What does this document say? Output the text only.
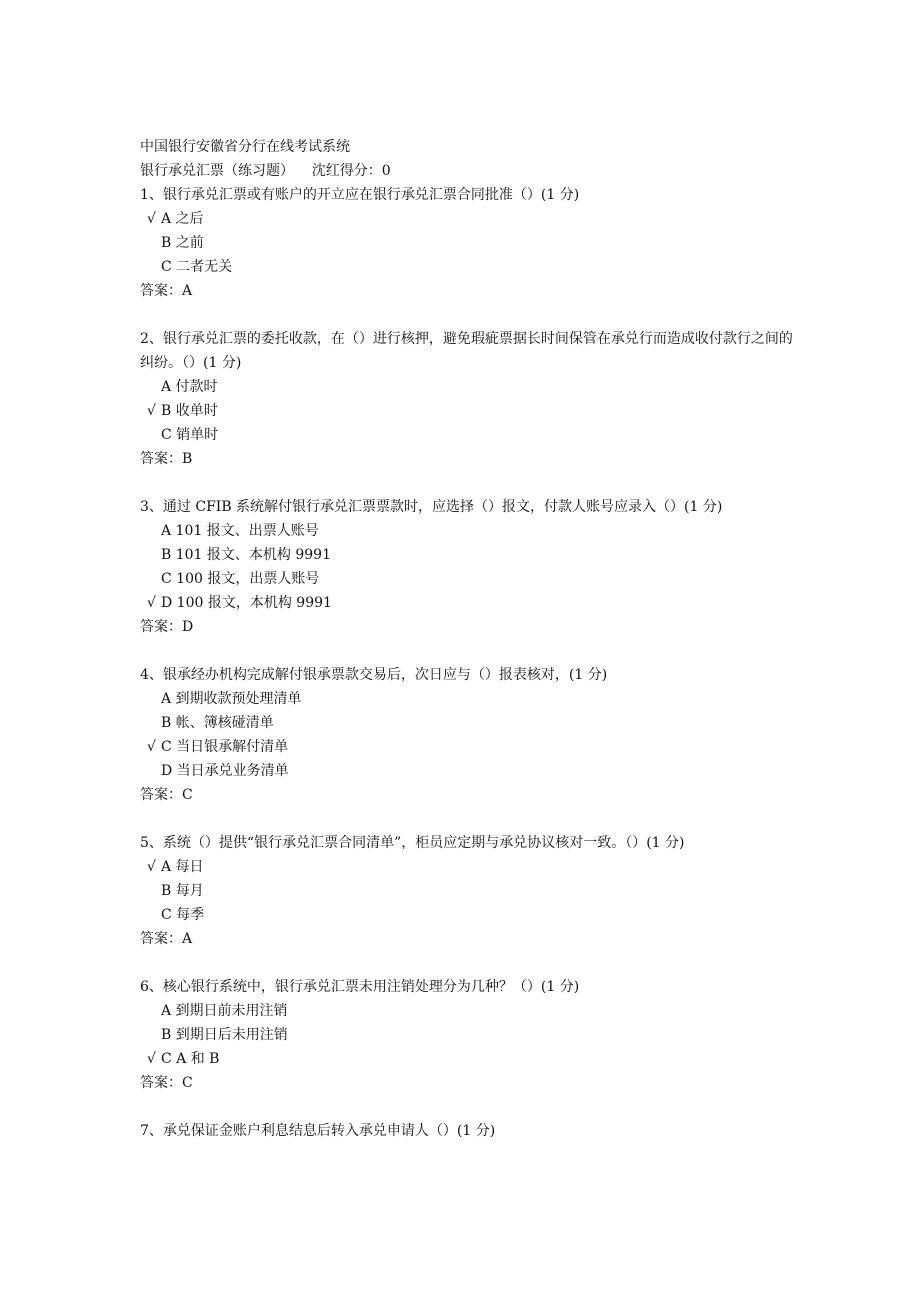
中国银行安徽省分行在线考试系统
银行承兑汇票（练习题）    沈红得分：0
1、银行承兑汇票或有账户的开立应在银行承兑汇票合同批准（）(1 分)
√ A 之后
B 之前
C 二者无关
答案：A
2、银行承兑汇票的委托收款，在（）进行核押，避免瑕疵票据长时间保管在承兑行而造成收付款行之间的纠纷。（）(1 分)
A 付款时
√ B 收单时
C 销单时
答案：B
3、通过 CFIB 系统解付银行承兑汇票票款时，应选择（）报文，付款人账号应录入（）(1 分)
A 101 报文、出票人账号
B 101 报文、本机构 9991
C 100 报文，出票人账号
√ D 100 报文，本机构 9991
答案：D
4、银承经办机构完成解付银承票款交易后，次日应与（）报表核对，(1 分)
A 到期收款预处理清单
B 帐、簿核碰清单
√ C 当日银承解付清单
D 当日承兑业务清单
答案：C
5、系统（）提供“银行承兑汇票合同清单”，柜员应定期与承兑协议核对一致。（）(1 分)
√ A 每日
B 每月
C 每季
答案：A
6、核心银行系统中，银行承兑汇票未用注销处理分为几种？（）(1 分)
A 到期日前未用注销
B 到期日后未用注销
√ C A 和 B
答案：C
7、承兑保证金账户利息结息后转入承兑申请人（）(1 分)
